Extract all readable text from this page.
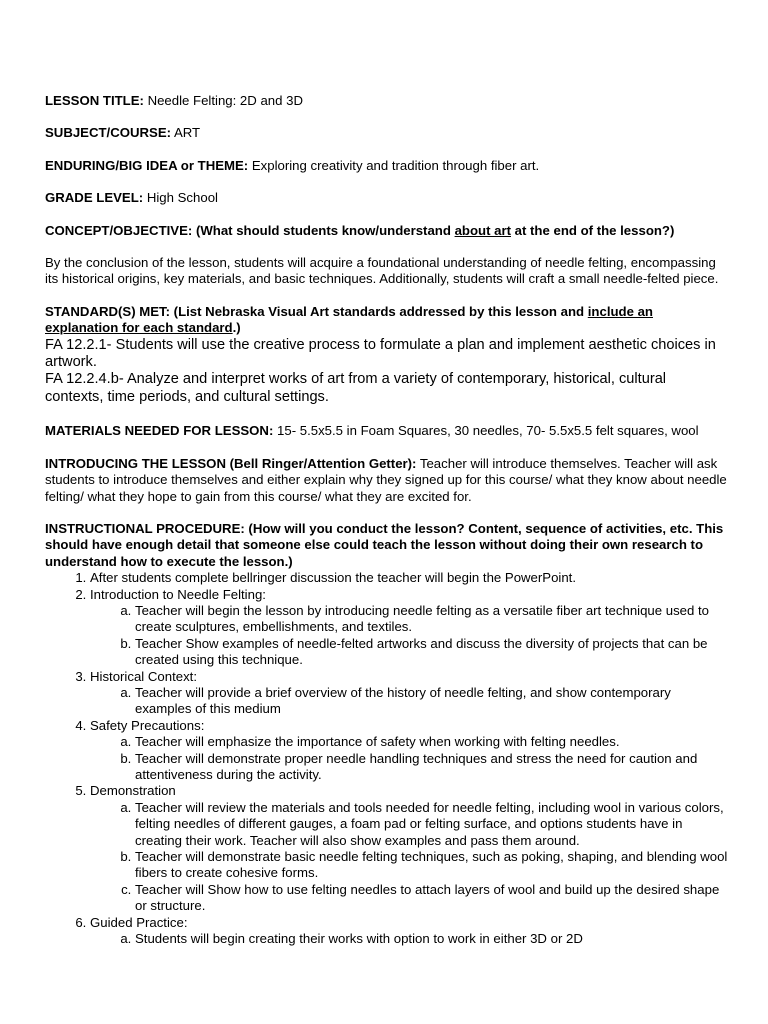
LESSON TITLE: Needle Felting: 2D and 3D

SUBJECT/COURSE: ART

ENDURING/BIG IDEA or THEME: Exploring creativity and tradition through fiber art.

GRADE LEVEL: High School

CONCEPT/OBJECTIVE: (What should students know/understand about art at the end of the lesson?)

By the conclusion of the lesson, students will acquire a foundational understanding of needle felting, encompassing its historical origins, key materials, and basic techniques. Additionally, students will craft a small needle-felted piece.

STANDARD(S) MET: (List Nebraska Visual Art standards addressed by this lesson and include an explanation for each standard.)

FA 12.2.1- Students will use the creative process to formulate a plan and implement aesthetic choices in artwork.

FA 12.2.4.b- Analyze and interpret works of art from a variety of contemporary, historical, cultural contexts, time periods, and cultural settings.

MATERIALS NEEDED FOR LESSON: 15- 5.5x5.5 in Foam Squares, 30 needles, 70- 5.5x5.5 felt squares, wool

INTRODUCING THE LESSON (Bell Ringer/Attention Getter): Teacher will introduce themselves. Teacher will ask students to introduce themselves and either explain why they signed up for this course/ what they know about needle felting/ what they hope to gain from this course/ what they are excited for.

INSTRUCTIONAL PROCEDURE: (How will you conduct the lesson? Content, sequence of activities, etc. This should have enough detail that someone else could teach the lesson without doing their own research to understand how to execute the lesson.)

1. After students complete bellringer discussion the teacher will begin the PowerPoint.
2. Introduction to Needle Felting:
a. Teacher will begin the lesson by introducing needle felting as a versatile fiber art technique used to create sculptures, embellishments, and textiles.
b. Teacher Show examples of needle-felted artworks and discuss the diversity of projects that can be created using this technique.
3. Historical Context:
a. Teacher will provide a brief overview of the history of needle felting, and show contemporary examples of this medium
4. Safety Precautions:
a. Teacher will emphasize the importance of safety when working with felting needles.
b. Teacher will demonstrate proper needle handling techniques and stress the need for caution and attentiveness during the activity.
5. Demonstration
a. Teacher will review the materials and tools needed for needle felting, including wool in various colors, felting needles of different gauges, a foam pad or felting surface, and options students have in creating their work. Teacher will also show examples and pass them around.
b. Teacher will demonstrate basic needle felting techniques, such as poking, shaping, and blending wool fibers to create cohesive forms.
c. Teacher will Show how to use felting needles to attach layers of wool and build up the desired shape or structure.
6. Guided Practice:
a. Students will begin creating their works with option to work in either 3D or 2D
